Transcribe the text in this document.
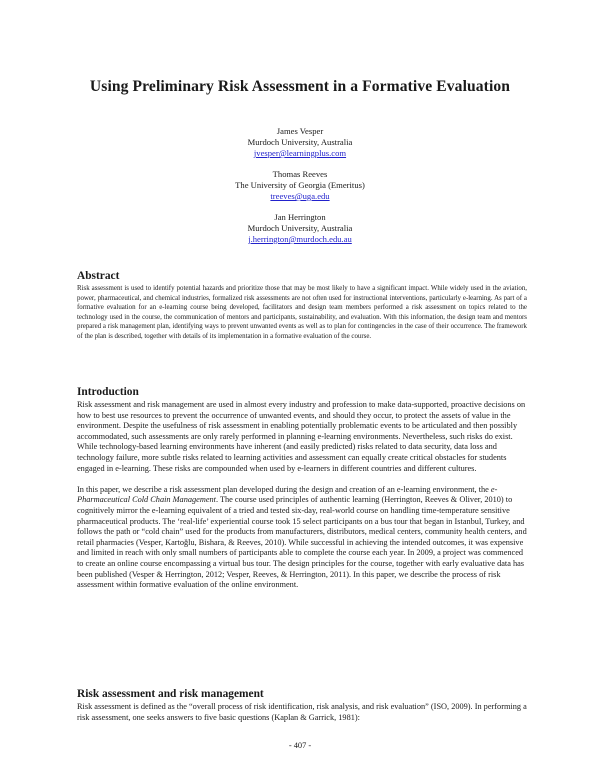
Using Preliminary Risk Assessment in a Formative Evaluation
James Vesper
Murdoch University, Australia
jvesper@learningplus.com
Thomas Reeves
The University of Georgia (Emeritus)
treeves@uga.edu
Jan Herrington
Murdoch University, Australia
j.herrington@murdoch.edu.au
Abstract
Risk assessment is used to identify potential hazards and prioritize those that may be most likely to have a significant impact. While widely used in the aviation, power, pharmaceutical, and chemical industries, formalized risk assessments are not often used for instructional interventions, particularly e-learning. As part of a formative evaluation for an e-learning course being developed, facilitators and design team members performed a risk assessment on topics related to the technology used in the course, the communication of mentors and participants, sustainability, and evaluation. With this information, the design team and mentors prepared a risk management plan, identifying ways to prevent unwanted events as well as to plan for contingencies in the case of their occurrence. The framework of the plan is described, together with details of its implementation in a formative evaluation of the course.
Introduction

Risk assessment and risk management are used in almost every industry and profession to make data-supported, proactive decisions on how to best use resources to prevent the occurrence of unwanted events, and should they occur, to protect the assets of value in the environment. Despite the usefulness of risk assessment in enabling potentially problematic events to be articulated and then possibly accommodated, such assessments are only rarely performed in planning e-learning environments. Nevertheless, such risks do exist. While technology-based learning environments have inherent (and easily predicted) risks related to data security, data loss and technology failure, more subtle risks related to learning activities and assessment can equally create critical obstacles for students engaged in e-learning. These risks are compounded when used by e-learners in different countries and different cultures.

In this paper, we describe a risk assessment plan developed during the design and creation of an e-learning environment, the e-Pharmaceutical Cold Chain Management. The course used principles of authentic learning (Herrington, Reeves & Oliver, 2010) to cognitively mirror the e-learning equivalent of a tried and tested six-day, real-world course on handling time-temperature sensitive pharmaceutical products. The ‘real-life’ experiential course took 15 select participants on a bus tour that began in Istanbul, Turkey, and follows the path or “cold chain” used for the products from manufacturers, distributors, medical centers, community health centers, and retail pharmacies (Vesper, Kartoğlu, Bishara, & Reeves, 2010). While successful in achieving the intended outcomes, it was expensive and limited in reach with only small numbers of participants able to complete the course each year. In 2009, a project was commenced to create an online course encompassing a virtual bus tour. The design principles for the course, together with early evaluative data has been published (Vesper & Herrington, 2012; Vesper, Reeves, & Herrington, 2011). In this paper, we describe the process of risk assessment within formative evaluation of the online environment.

Risk assessment and risk management

Risk assessment is defined as the “overall process of risk identification, risk analysis, and risk evaluation” (ISO, 2009). In performing a risk assessment, one seeks answers to five basic questions (Kaplan & Garrick, 1981):

- 407 -
